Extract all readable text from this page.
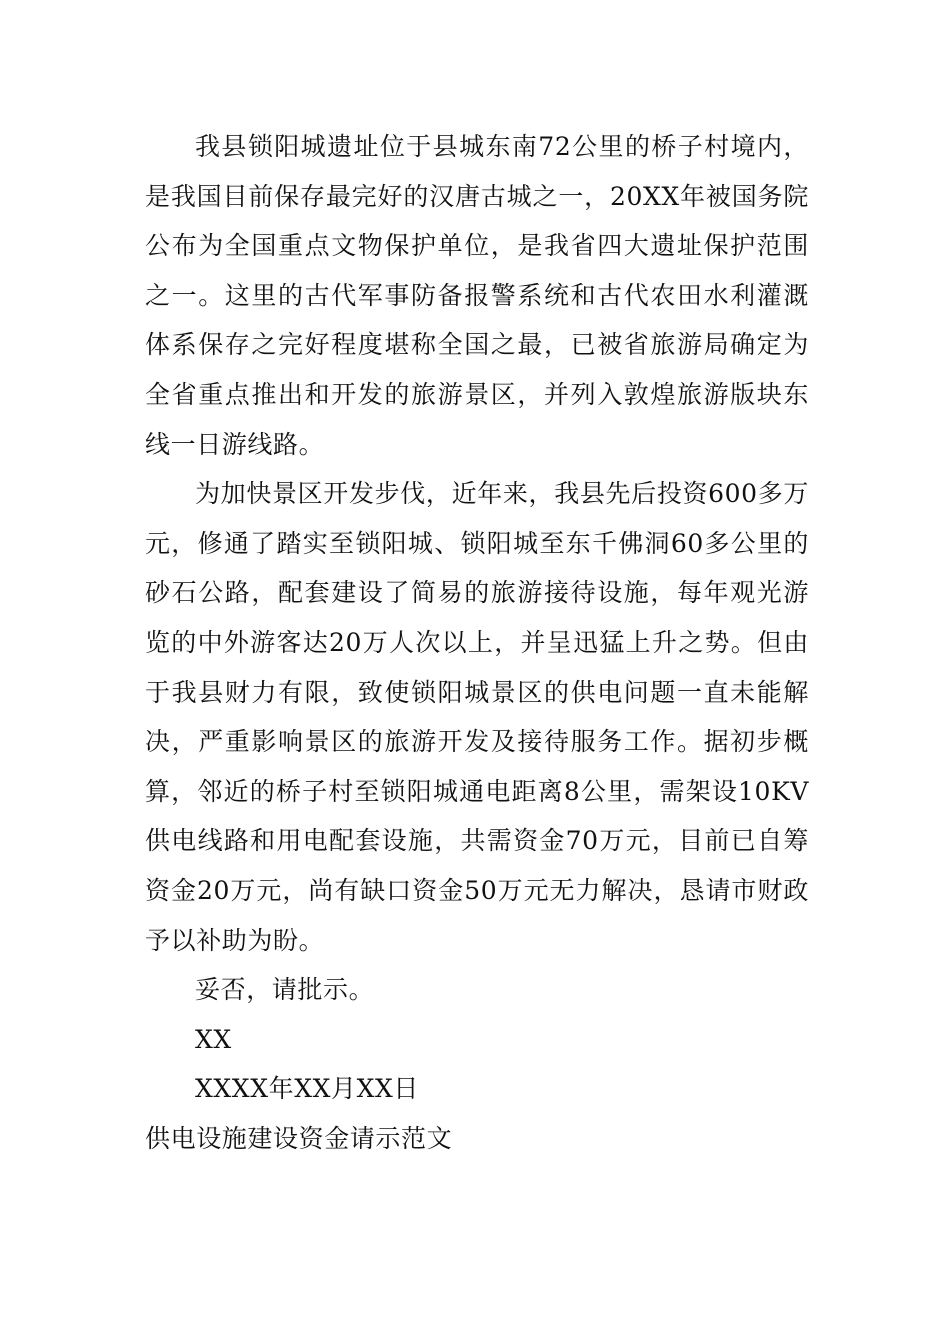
我县锁阳城遗址位于县城东南72公里的桥子村境内，是我国目前保存最完好的汉唐古城之一，20XX年被国务院公布为全国重点文物保护单位，是我省四大遗址保护范围之一。这里的古代军事防备报警系统和古代农田水利灌溉体系保存之完好程度堪称全国之最，已被省旅游局确定为全省重点推出和开发的旅游景区，并列入敦煌旅游版块东线一日游线路。

为加快景区开发步伐，近年来，我县先后投资600多万元，修通了踏实至锁阳城、锁阳城至东千佛洞60多公里的砂石公路，配套建设了简易的旅游接待设施，每年观光游览的中外游客达20万人次以上，并呈迅猛上升之势。但由于我县财力有限，致使锁阳城景区的供电问题一直未能解决，严重影响景区的旅游开发及接待服务工作。据初步概算，邻近的桥子村至锁阳城通电距离8公里，需架设10KV供电线路和用电配套设施，共需资金70万元，目前已自筹资金20万元，尚有缺口资金50万元无力解决，恳请市财政予以补助为盼。

妥否，请批示。

XX

XXXX年XX月XX日

供电设施建设资金请示范文
